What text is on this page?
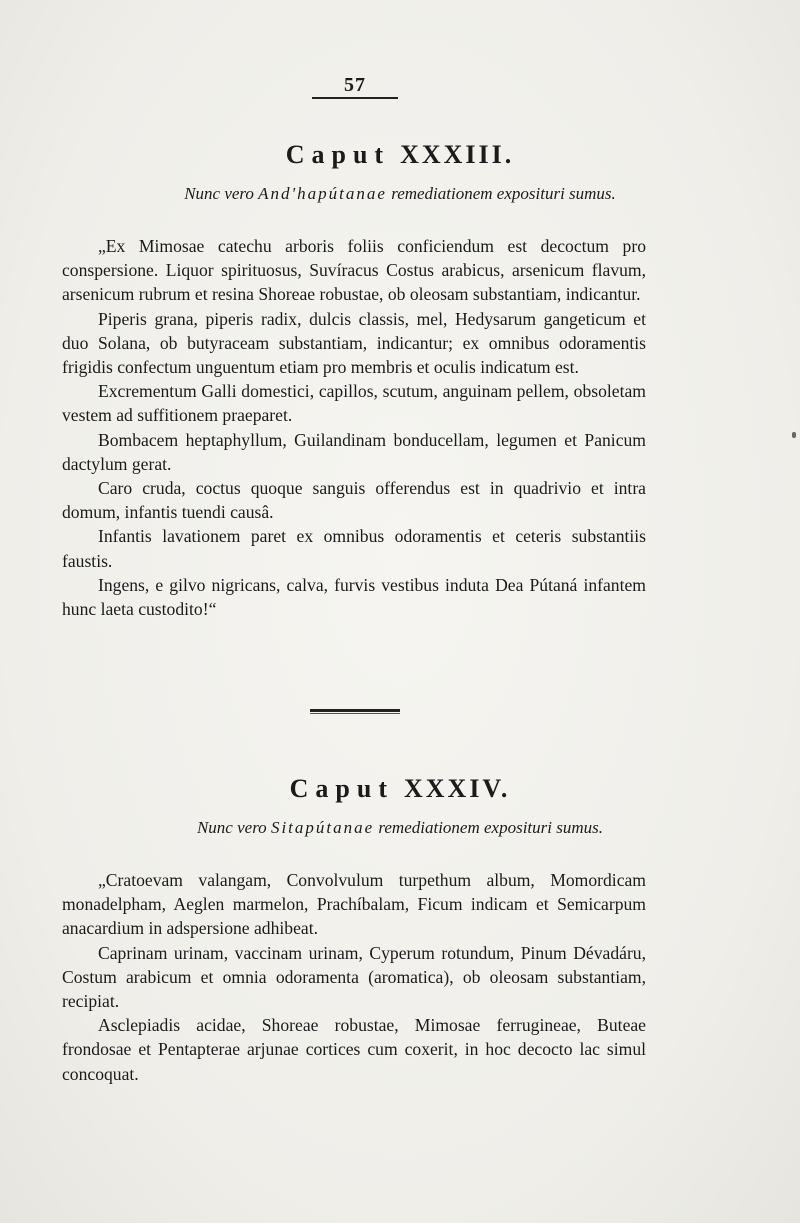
57
Caput XXXIII.
Nunc vero And'hapútanae remediationem exposituri sumus.

„Ex Mimosae catechu arboris foliis conficiendum est decoctum pro conspersione. Liquor spirituosus, Suvíracus Costus arabicus, arsenicum flavum, arsenicum rubrum et resina Shoreae robustae, ob oleosam substantiam, indicantur.

Piperis grana, piperis radix, dulcis classis, mel, Hedysarum gangeticum et duo Solana, ob butyraceam substantiam, indicantur; ex omnibus odoramentis frigidis confectum unguentum etiam pro membris et oculis indicatum est.

Excrementum Galli domestici, capillos, scutum, anguinam pellem, obsoletam vestem ad suffitionem praeparet.

Bombacem heptaphyllum, Guilandinam bonducellam, legumen et Panicum dactylum gerat.

Caro cruda, coctus quoque sanguis offerendus est in quadrivio et intra domum, infantis tuendi causâ.

Infantis lavationem paret ex omnibus odoramentis et ceteris substantiis faustis.

Ingens, e gilvo nigricans, calva, furvis vestibus induta Dea Pútaná infantem hunc laeta custodito!“

Caput XXXIV.
Nunc vero Sitapútanae remediationem exposituri sumus.

„Cratoevam valangam, Convolvulum turpethum album, Momordicam monadelpham, Aeglen marmelon, Prachíbalam, Ficum indicam et Semicarpum anacardium in adspersione adhibeat.

Caprinam urinam, vaccinam urinam, Cyperum rotundum, Pinum Dévadáru, Costum arabicum et omnia odoramenta (aromatica), ob oleosam substantiam, recipiat.

Asclepiadis acidae, Shoreae robustae, Mimosae ferrugineae, Buteae frondosae et Pentapterae arjunae cortices cum coxerit, in hoc decocto lac simul concoquat.
